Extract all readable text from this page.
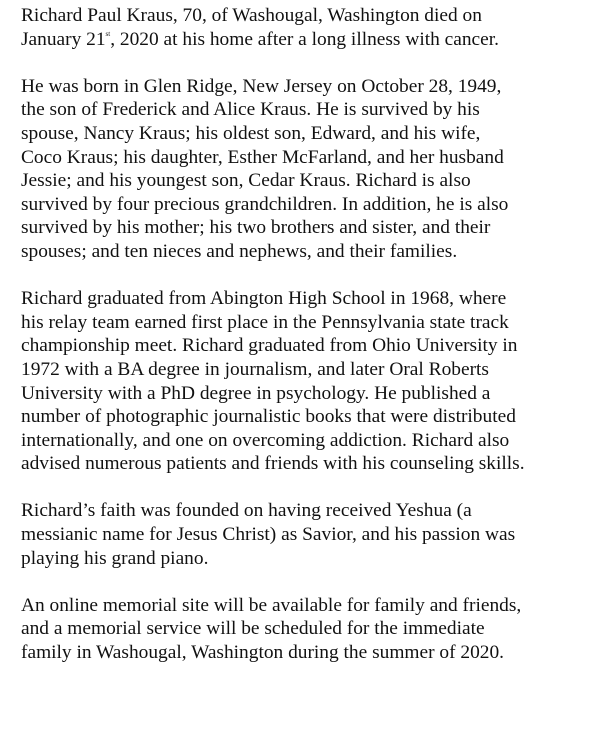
Richard Paul Kraus, 70, of Washougal, Washington died on
January 21st, 2020 at his home after a long illness with cancer.

He was born in Glen Ridge, New Jersey on October 28, 1949,
the son of Frederick and Alice Kraus. He is survived by his
spouse, Nancy Kraus; his oldest son, Edward, and his wife,
Coco Kraus; his daughter, Esther McFarland, and her husband
Jessie; and his youngest son, Cedar Kraus. Richard is also
survived by four precious grandchildren. In addition, he is also
survived by his mother; his two brothers and sister, and their
spouses; and ten nieces and nephews, and their families.

Richard graduated from Abington High School in 1968, where
his relay team earned first place in the Pennsylvania state track
championship meet. Richard graduated from Ohio University in
1972 with a BA degree in journalism, and later Oral Roberts
University with a PhD degree in psychology. He published a
number of photographic journalistic books that were distributed
internationally, and one on overcoming addiction. Richard also
advised numerous patients and friends with his counseling skills.

Richard’s faith was founded on having received Yeshua (a
messianic name for Jesus Christ) as Savior, and his passion was
playing his grand piano.

An online memorial site will be available for family and friends,
and a memorial service will be scheduled for the immediate
family in Washougal, Washington during the summer of 2020.
